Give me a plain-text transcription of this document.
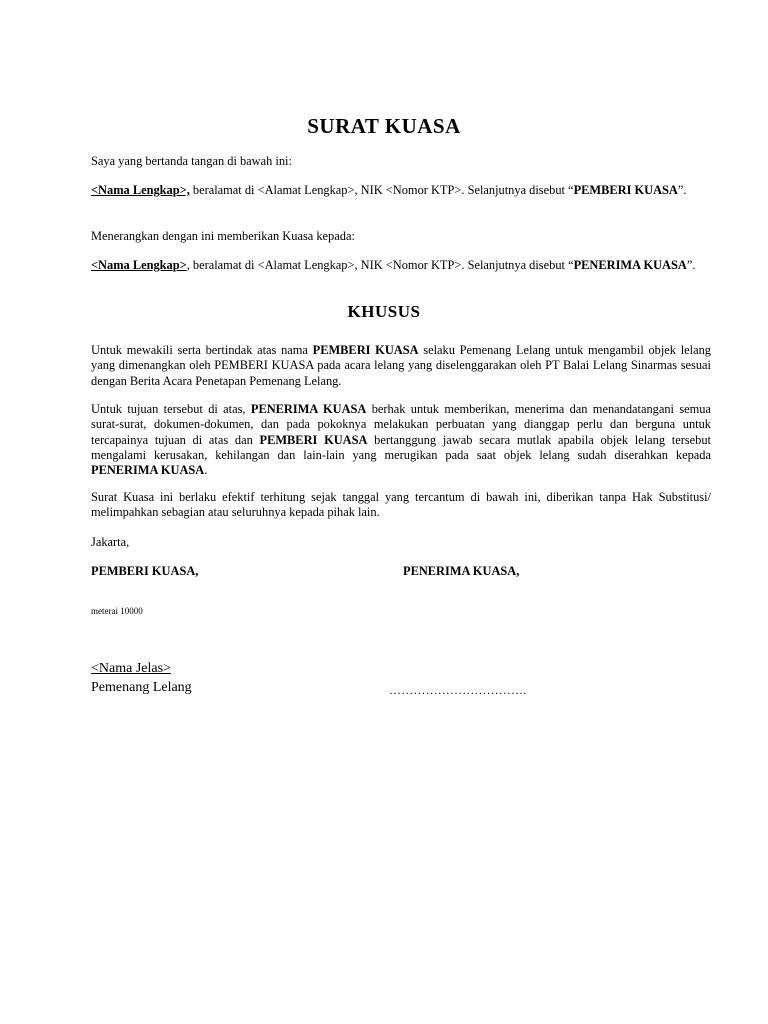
SURAT KUASA
Saya yang bertanda tangan di bawah ini:
<Nama Lengkap>, beralamat di <Alamat Lengkap>, NIK <Nomor KTP>. Selanjutnya disebut “PEMBERI KUASA”.
Menerangkan dengan ini memberikan Kuasa kepada:
<Nama Lengkap>, beralamat di <Alamat Lengkap>, NIK <Nomor KTP>. Selanjutnya disebut “PENERIMA KUASA”.
KHUSUS
Untuk mewakili serta bertindak atas nama PEMBERI KUASA selaku Pemenang Lelang untuk mengambil objek lelang yang dimenangkan oleh PEMBERI KUASA pada acara lelang yang diselenggarakan oleh PT Balai Lelang Sinarmas sesuai dengan Berita Acara Penetapan Pemenang Lelang.
Untuk tujuan tersebut di atas, PENERIMA KUASA berhak untuk memberikan, menerima dan menandatangani semua surat-surat, dokumen-dokumen, dan pada pokoknya melakukan perbuatan yang dianggap perlu dan berguna untuk tercapainya tujuan di atas dan PEMBERI KUASA bertanggung jawab secara mutlak apabila objek lelang tersebut mengalami kerusakan, kehilangan dan lain-lain yang merugikan pada saat objek lelang sudah diserahkan kepada PENERIMA KUASA.
Surat Kuasa ini berlaku efektif terhitung sejak tanggal yang tercantum di bawah ini, diberikan tanpa Hak Substitusi/ melimpahkan sebagian atau seluruhnya kepada pihak lain.
Jakarta,
PEMBERI KUASA,	PENERIMA KUASA,
meterai 10000
<Nama Jelas>
Pemenang Lelang	…………………………….
